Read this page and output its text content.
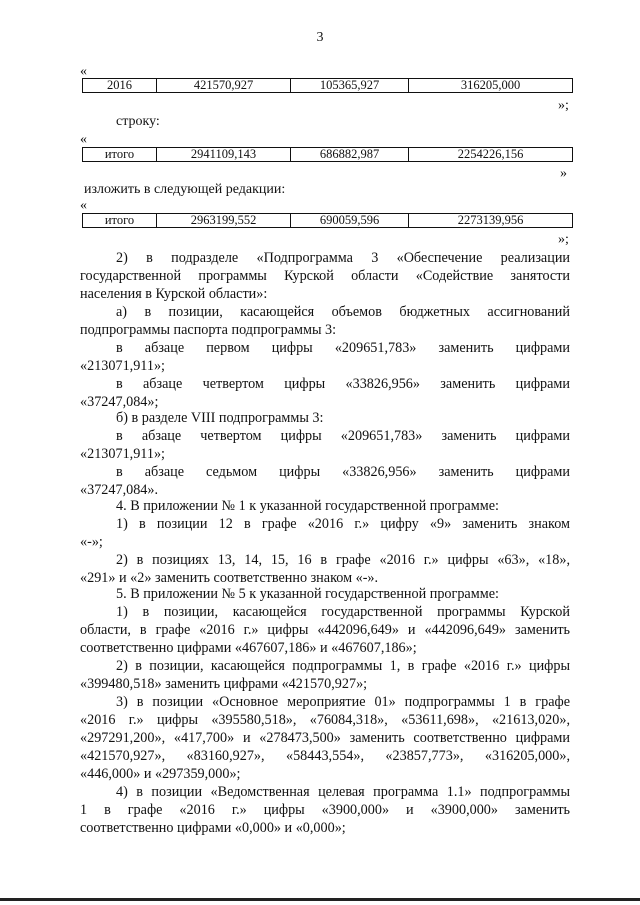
3
«
2016	421570,927	105365,927	316205,000
»;
строку:
«
итого	2941109,143	686882,987	2254226,156
»
изложить в следующей редакции:
«
итого	2963199,552	690059,596	2273139,956
»;
2) в подразделе «Подпрограмма 3 «Обеспечение реализации
государственной программы Курской области «Содействие занятости
населения в Курской области»:
а) в позиции, касающейся объемов бюджетных ассигнований
подпрограммы паспорта подпрограммы 3:
в абзаце первом цифры «209651,783» заменить цифрами
«213071,911»;
в абзаце четвертом цифры «33826,956» заменить цифрами
«37247,084»;
б) в разделе VIII подпрограммы 3:
в абзаце четвертом цифры «209651,783» заменить цифрами
«213071,911»;
в абзаце седьмом цифры «33826,956» заменить цифрами
«37247,084».
4. В приложении № 1 к указанной государственной программе:
1) в позиции 12 в графе «2016 г.» цифру «9» заменить знаком
«-»;
2) в позициях 13, 14, 15, 16 в графе «2016 г.» цифры «63», «18»,
«291» и «2» заменить соответственно знаком «-».
5. В приложении № 5 к указанной государственной программе:
1) в позиции, касающейся государственной программы Курской
области, в графе «2016 г.» цифры «442096,649» и «442096,649» заменить
соответственно цифрами «467607,186» и «467607,186»;
2) в позиции, касающейся подпрограммы 1, в графе «2016 г.» цифры
«399480,518» заменить цифрами «421570,927»;
3) в позиции «Основное мероприятие 01» подпрограммы 1 в графе
«2016 г.» цифры «395580,518», «76084,318», «53611,698», «21613,020»,
«297291,200», «417,700» и «278473,500» заменить соответственно цифрами
«421570,927», «83160,927», «58443,554», «23857,773», «316205,000»,
«446,000» и «297359,000»;
4) в позиции «Ведомственная целевая программа 1.1» подпрограммы
1 в графе «2016 г.» цифры «3900,000» и «3900,000» заменить
соответственно цифрами «0,000» и «0,000»;
